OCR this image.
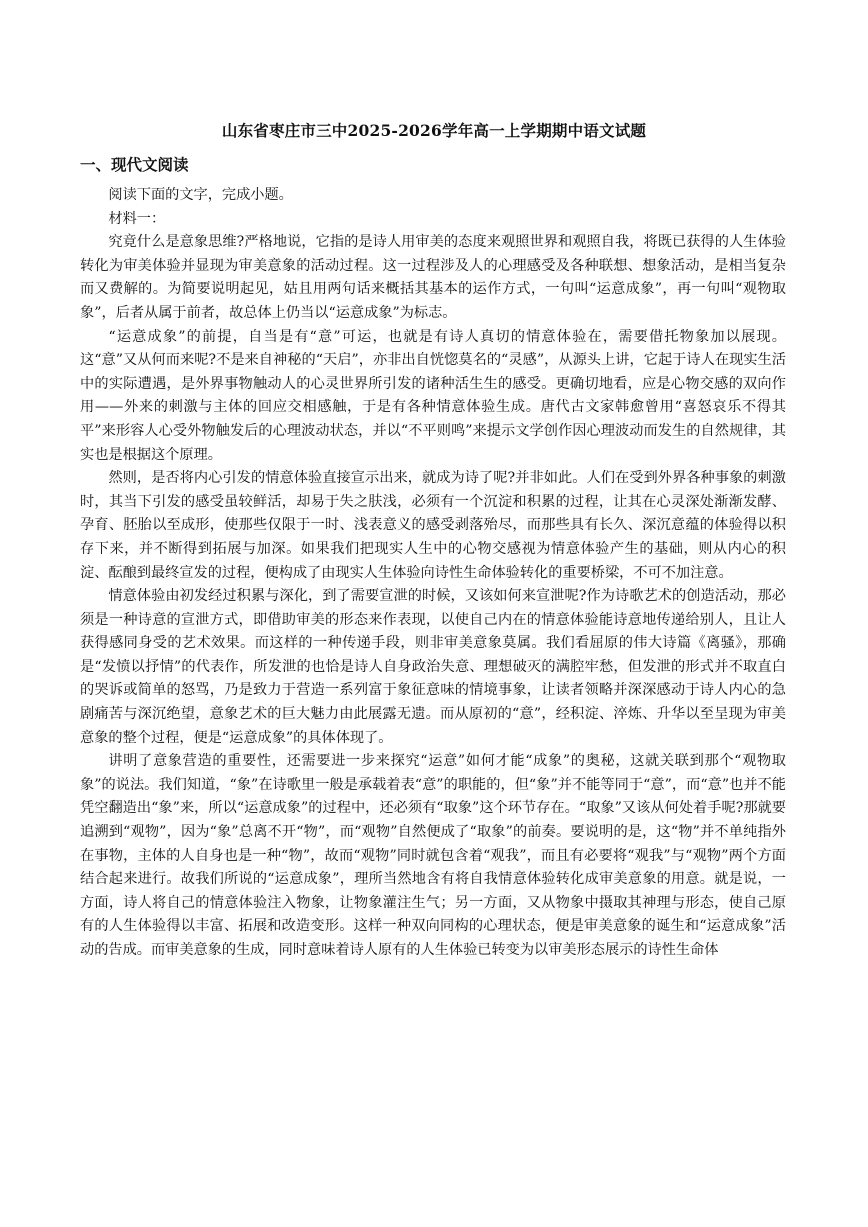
山东省枣庄市三中2025-2026学年高一上学期期中语文试题
一、现代文阅读

阅读下面的文字，完成小题。

材料一：

究竟什么是意象思维?严格地说，它指的是诗人用审美的态度来观照世界和观照自我，将既已获得的人生体验转化为审美体验并显现为审美意象的活动过程。这一过程涉及人的心理感受及各种联想、想象活动，是相当复杂而又费解的。为简要说明起见，姑且用两句话来概括其基本的运作方式，一句叫“运意成象”，再一句叫“观物取象”，后者从属于前者，故总体上仍当以“运意成象”为标志。

“运意成象”的前提，自当是有“意”可运，也就是有诗人真切的情意体验在，需要借托物象加以展现。这“意”又从何而来呢?不是来自神秘的“天启”，亦非出自恍惚莫名的“灵感”，从源头上讲，它起于诗人在现实生活中的实际遭遇，是外界事物触动人的心灵世界所引发的诸种活生生的感受。更确切地看，应是心物交感的双向作用——外来的刺激与主体的回应交相感触，于是有各种情意体验生成。唐代古文家韩愈曾用“喜怒哀乐不得其平”来形容人心受外物触发后的心理波动状态，并以“不平则鸣”来提示文学创作因心理波动而发生的自然规律，其实也是根据这个原理。

然则，是否将内心引发的情意体验直接宣示出来，就成为诗了呢?并非如此。人们在受到外界各种事象的刺激时，其当下引发的感受虽较鲜活，却易于失之肤浅，必须有一个沉淀和积累的过程，让其在心灵深处渐渐发酵、孕育、胚胎以至成形，使那些仅限于一时、浅表意义的感受剥落殆尽，而那些具有长久、深沉意蕴的体验得以积存下来，并不断得到拓展与加深。如果我们把现实人生中的心物交感视为情意体验产生的基础，则从内心的积淀、酝酿到最终宣发的过程，便构成了由现实人生体验向诗性生命体验转化的重要桥梁，不可不加注意。

情意体验由初发经过积累与深化，到了需要宣泄的时候，又该如何来宣泄呢?作为诗歌艺术的创造活动，那必须是一种诗意的宣泄方式，即借助审美的形态来作表现，以使自己内在的情意体验能诗意地传递给别人，且让人获得感同身受的艺术效果。而这样的一种传递手段，则非审美意象莫属。我们看屈原的伟大诗篇《离骚》，那确是“发愤以抒情”的代表作，所发泄的也恰是诗人自身政治失意、理想破灭的满腔牢愁，但发泄的形式并不取直白的哭诉或简单的怒骂，乃是致力于营造一系列富于象征意味的情境事象，让读者领略并深深感动于诗人内心的急剧痛苦与深沉绝望，意象艺术的巨大魅力由此展露无遗。而从原初的“意”，经积淀、淬炼、升华以至呈现为审美意象的整个过程，便是“运意成象”的具体体现了。

讲明了意象营造的重要性，还需要进一步来探究“运意”如何才能“成象”的奥秘，这就关联到那个“观物取象”的说法。我们知道，“象”在诗歌里一般是承载着表“意”的职能的，但“象”并不能等同于“意”，而“意”也并不能凭空翻造出“象”来，所以“运意成象”的过程中，还必须有“取象”这个环节存在。“取象”又该从何处着手呢?那就要追溯到“观物”，因为“象”总离不开“物”，而“观物”自然便成了“取象”的前奏。要说明的是，这“物”并不单纯指外在事物，主体的人自身也是一种“物”，故而“观物”同时就包含着“观我”，而且有必要将“观我”与“观物”两个方面结合起来进行。故我们所说的“运意成象”，理所当然地含有将自我情意体验转化成审美意象的用意。就是说，一方面，诗人将自己的情意体验注入物象，让物象灌注生气；另一方面，又从物象中摄取其神理与形态，使自己原有的人生体验得以丰富、拓展和改造变形。这样一种双向同构的心理状态，便是审美意象的诞生和“运意成象”活动的告成。而审美意象的生成，同时意味着诗人原有的人生体验已转变为以审美形态展示的诗性生命体
